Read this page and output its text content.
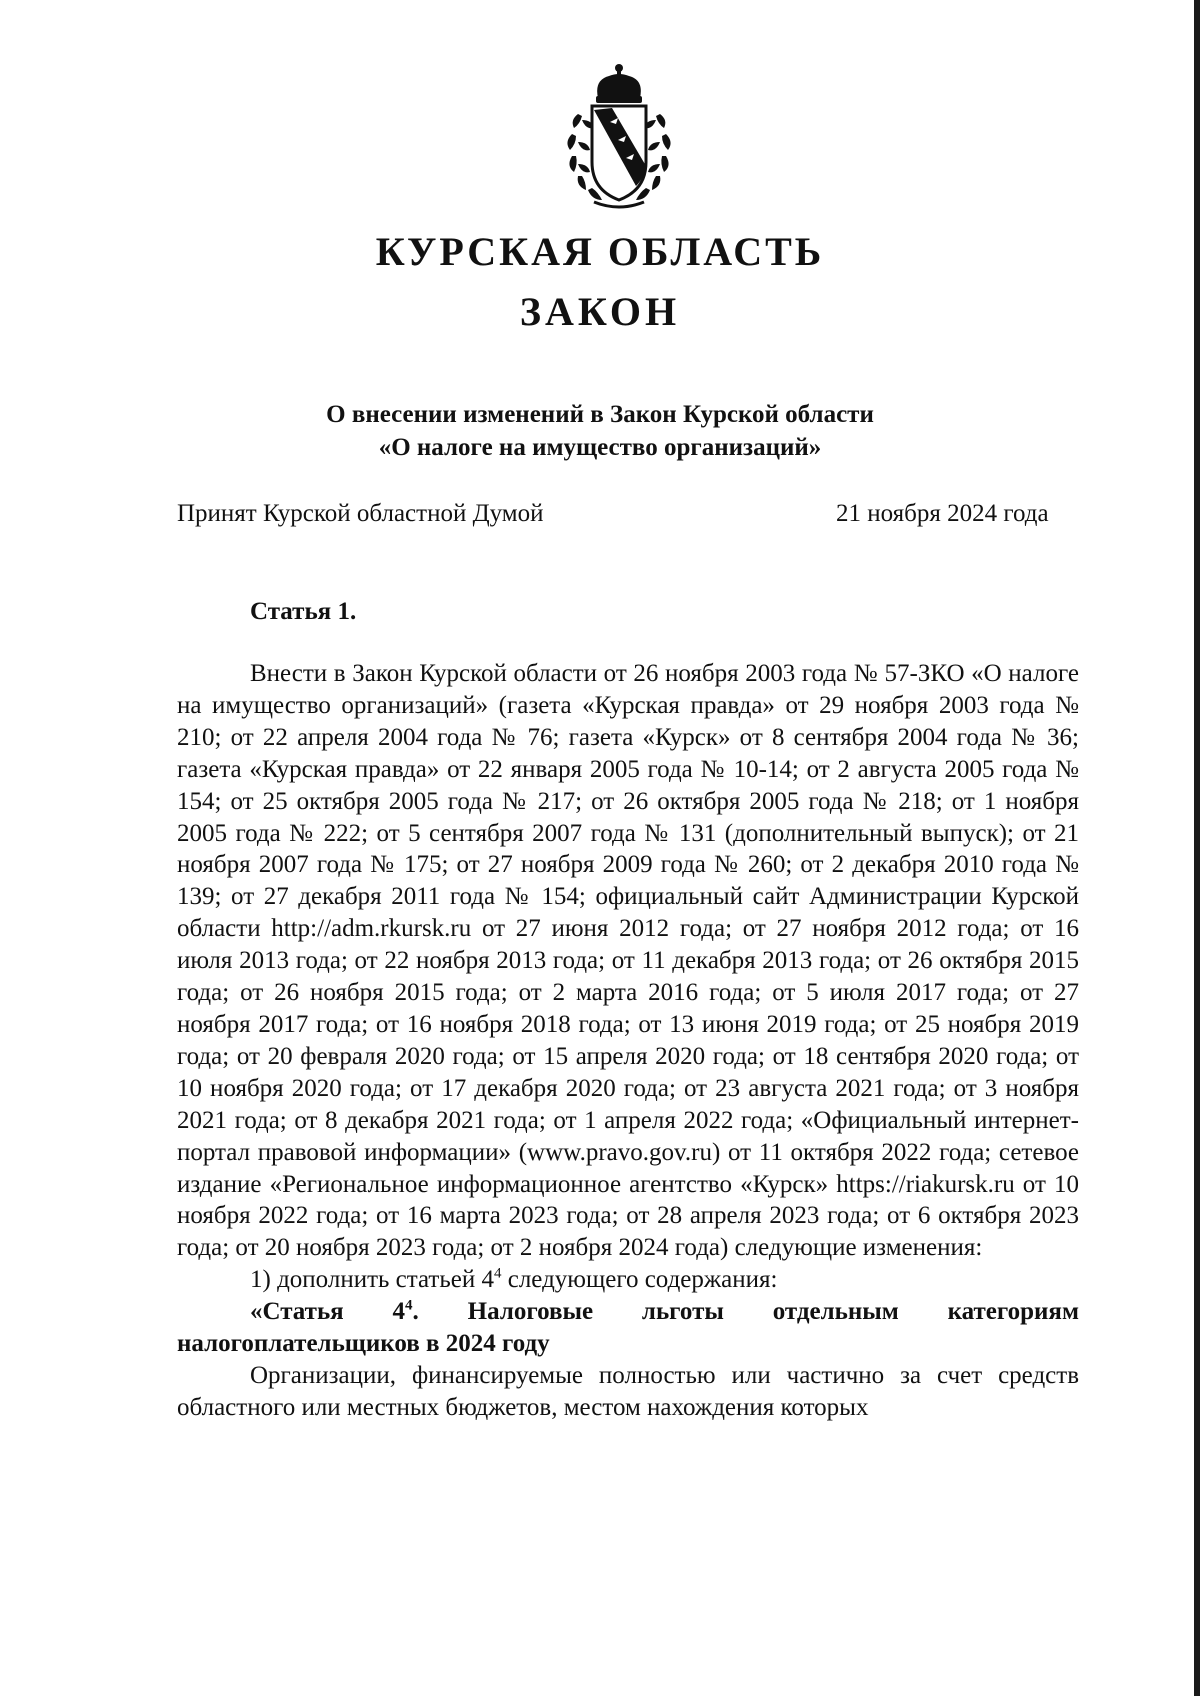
КУРСКАЯ ОБЛАСТЬ
ЗАКОН
О внесении изменений в Закон Курской области
«О налоге на имущество организаций»
Принят Курской областной Думой	21 ноября 2024 года
Статья 1.

Внести в Закон Курской области от 26 ноября 2003 года № 57-ЗКО «О налоге на имущество организаций» (газета «Курская правда» от 29 ноября 2003 года № 210; от 22 апреля 2004 года № 76; газета «Курск» от 8 сентября 2004 года № 36; газета «Курская правда» от 22 января 2005 года № 10-14; от 2 августа 2005 года № 154; от 25 октября 2005 года № 217; от 26 октября 2005 года № 218; от 1 ноября 2005 года № 222; от 5 сентября 2007 года № 131 (дополнительный выпуск); от 21 ноября 2007 года № 175; от 27 ноября 2009 года № 260; от 2 декабря 2010 года № 139; от 27 декабря 2011 года № 154; официальный сайт Администрации Курской области http://adm.rkursk.ru от 27 июня 2012 года; от 27 ноября 2012 года; от 16 июля 2013 года; от 22 ноября 2013 года; от 11 декабря 2013 года; от 26 октября 2015 года; от 26 ноября 2015 года; от 2 марта 2016 года; от 5 июля 2017 года; от 27 ноября 2017 года; от 16 ноября 2018 года; от 13 июня 2019 года; от 25 ноября 2019 года; от 20 февраля 2020 года; от 15 апреля 2020 года; от 18 сентября 2020 года; от 10 ноября 2020 года; от 17 декабря 2020 года; от 23 августа 2021 года; от 3 ноября 2021 года; от 8 декабря 2021 года; от 1 апреля 2022 года; «Официальный интернет-портал правовой информации» (www.pravo.gov.ru) от 11 октября 2022 года; сетевое издание «Региональное информационное агентство «Курск» https://riakursk.ru от 10 ноября 2022 года; от 16 марта 2023 года; от 28 апреля 2023 года; от 6 октября 2023 года; от 20 ноября 2023 года; от 2 ноября 2024 года) следующие изменения:

1) дополнить статьей $4^4$ следующего содержания:

«Статья $4^4$. Налоговые льготы отдельным категориям налогоплательщиков в 2024 году

Организации, финансируемые полностью или частично за счет средств областного или местных бюджетов, местом нахождения которых
